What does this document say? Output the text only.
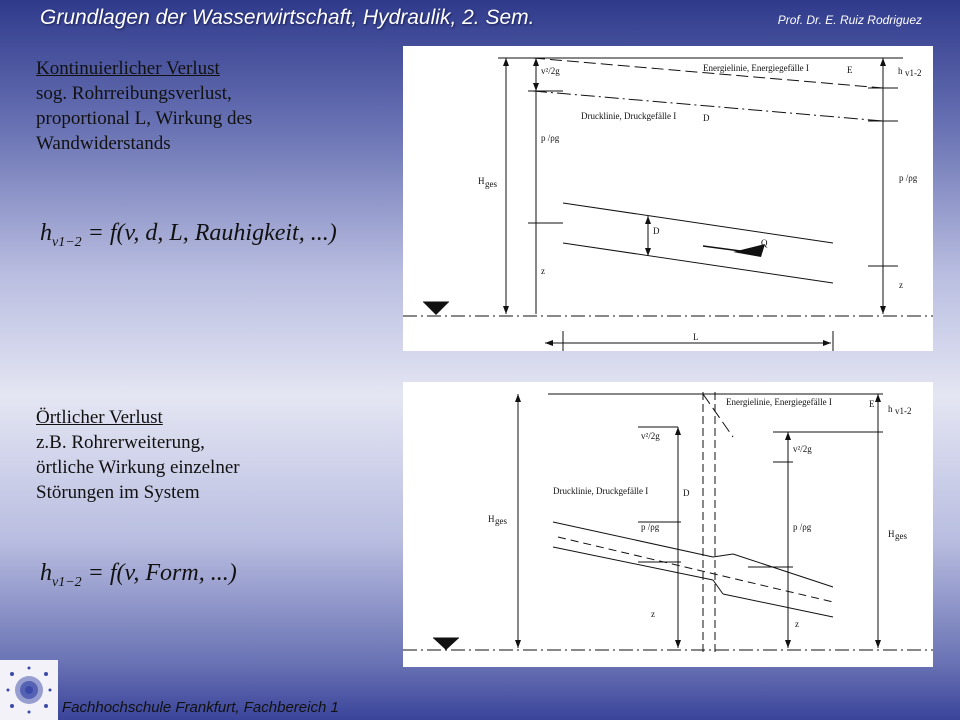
Grundlagen der Wasserwirtschaft, Hydraulik, 2. Sem.	Prof. Dr. E. Ruiz Rodriguez
Kontinuierlicher Verlust
sog. Rohrreibungsverlust,
proportional L, Wirkung des
Wandwiderstands
$h_{v1-2} = f(v$, d, L, Rauhigkeit, ...)
Örtlicher Verlust
z.B. Rohrerweiterung,
örtliche Wirkung einzelner
Störungen im System
$h_{v1-2} = f(v$, Form, ...)
v²/2g	Energielinie, Energiegefälle I	E	h v1-2
Drucklinie, Druckgefälle I	D
p /ρg
p /ρg
H ges
D
Q
z
z
L
Energielinie, Energiegefälle I	E h v1-2
v²/2g
v²/2g
Drucklinie, Druckgefälle I	D
p /ρg	p /ρg
H ges
H ges
z
z
Fachhochschule Frankfurt, Fachbereich 1
